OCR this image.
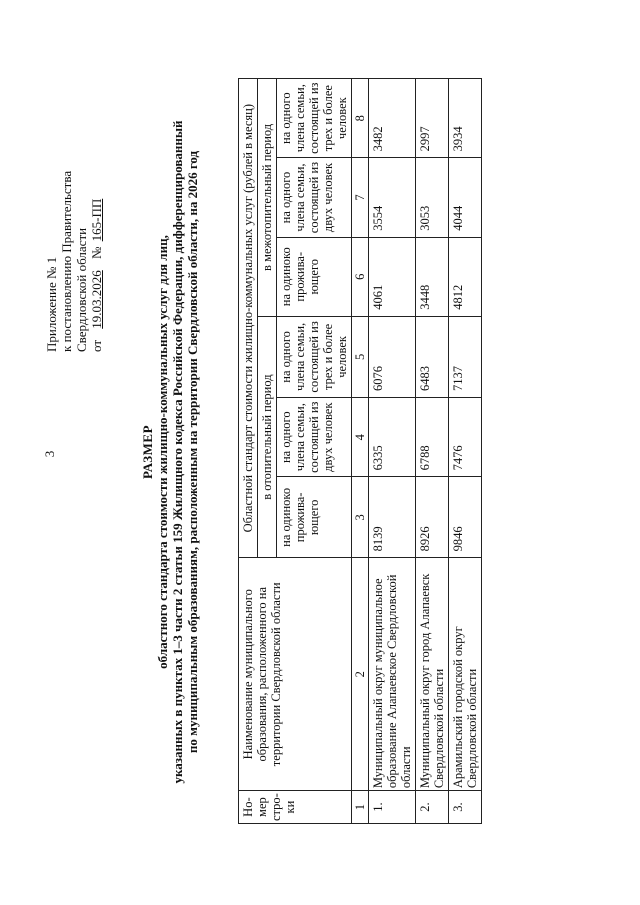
3
Приложение № 1 к постановлению Правительства Свердловской области от 19.03.2026 № 165-ПП
РАЗМЕР областного стандарта стоимости жилищно-коммунальных услуг для лиц, указанных в пунктах 1–3 части 2 статьи 159 Жилищного кодекса Российской Федерации, дифференцированный по муниципальным образованиям, расположенным на территории Свердловской области, на 2026 год
Но- мер стро- ки	Наименование муниципального образования, расположенного на территории Свердловской области	Областной стандарт стоимости жилищно-коммунальных услуг (рублей в месяц)					
		в отопительный период			в межотопительный период		
		на одиноко прожива- ющего	на одного члена семьи, состоящей из двух человек	на одного члена семьи, состоящей из трех и более человек	на одиноко прожива- ющего	на одного члена семьи, состоящей из двух человек	на одного члена семьи, состоящей из трех и более человек
1	2	3	4	5	6	7	8
1.	Муниципальный округ муниципальное образование Алапаевское Свердловской области	8139	6335	6076	4061	3554	3482
2.	Муниципальный округ город Алапаевск Свердловской области	8926	6788	6483	3448	3053	2997
3.	Арамильский городской округ Свердловской области	9846	7476	7137	4812	4044	3934
